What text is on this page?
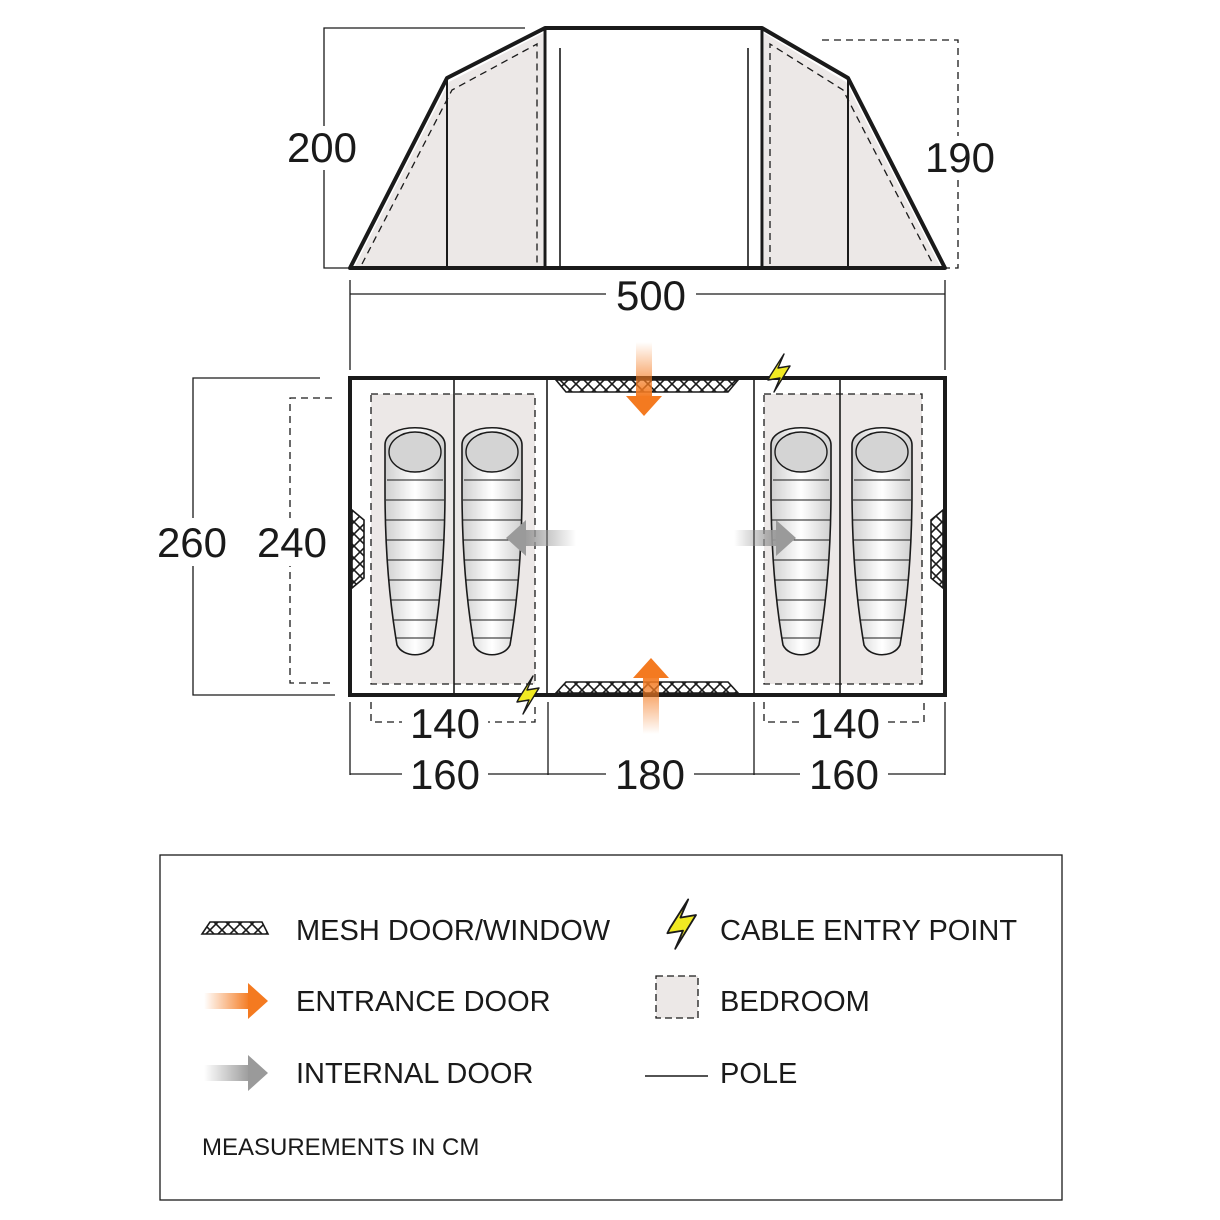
200	190
500
260 240
140	140
160	180	160
MESH DOOR/WINDOW
ENTRANCE DOOR
INTERNAL DOOR
CABLE ENTRY POINT
BEDROOM
POLE
MEASUREMENTS IN CM
